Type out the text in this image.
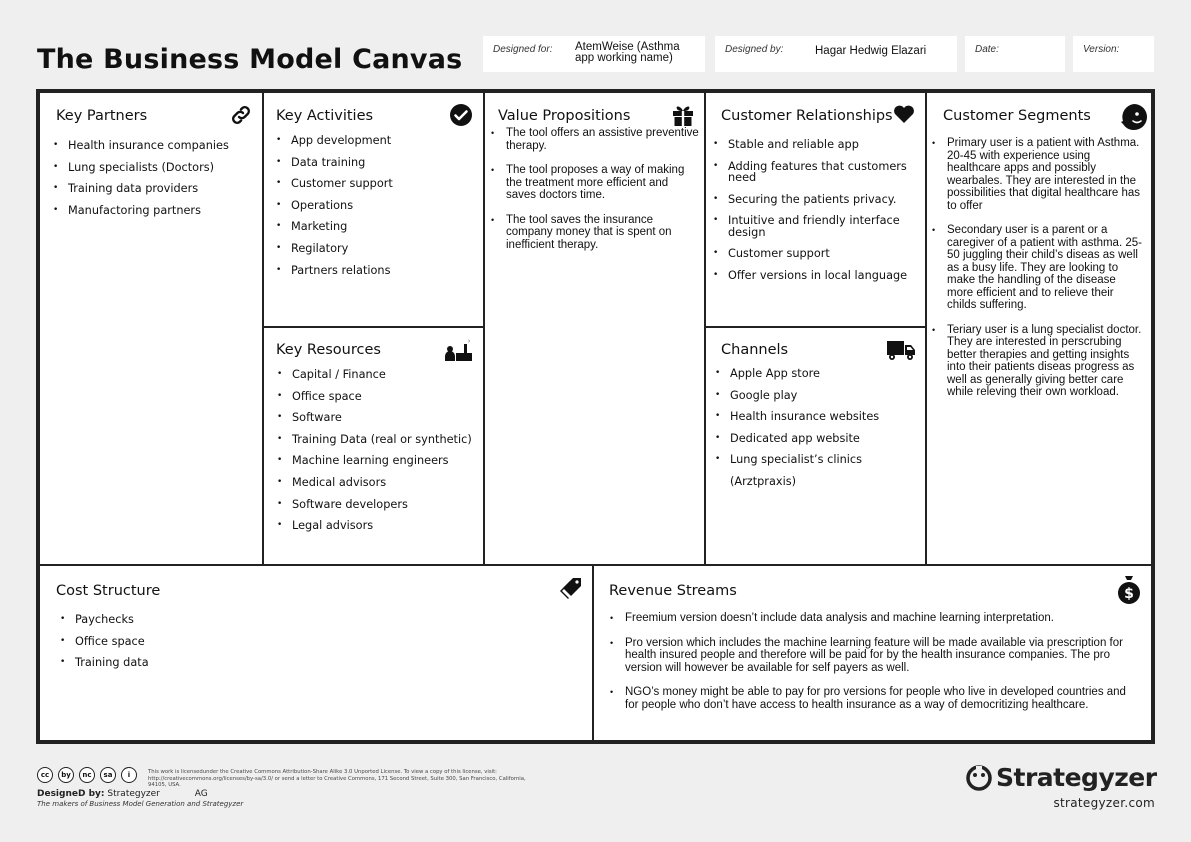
The Business Model Canvas	Designed for: AtemWeise (Asthma app working name)
Designed by:	Hagar Hedwig Elazari	Date:	Version:
Key Partners
• Health insurance companies
• Lung specialists (Doctors)
• Training data providers
• Manufactoring partners
Key Activities
• App development
• Data training
• Customer support
• Operations
• Marketing
• Regilatory
• Partners relations
Key Resources
• Capital / Finance
• Office space
• Software
• Training Data (real or synthetic)
• Machine learning engineers
• Medical advisors
• Software developers
• Legal advisors
Value Propositions
• The tool offers an assistive preventive therapy.
• The tool proposes a way of making the treatment more efficient and saves doctors time.
• The tool saves the insurance company money that is spent on inefficient therapy.
Customer Relationships
• Stable and reliable app
• Adding features that customers need
• Securing the patients privacy.
• Intuitive and friendly interface design
• Customer support
• Offer versions in local language
Channels
• Apple App store
• Google play
• Health insurance websites
• Dedicated app website
• Lung specialist’s clinics (Arztpraxis)
Customer Segments
• Primary user is a patient with Asthma. 20-45 with experience using healthcare apps and possibly wearbales. They are interested in the possibilities that digital healthcare has to offer
• Secondary user is a parent or a caregiver of a patient with asthma. 25-50 juggling their child’s diseas as well as a busy life. They are looking to make the handling of the disease more efficient and to relieve their childs suffering.
• Teriary user is a lung specialist doctor. They are interested in perscrubing better therapies and getting insights into their patients diseas progress as well as generally giving better care while releving their own workload.
Cost Structure
• Paychecks
• Office space
• Training data
Revenue Streams	$
• Freemium version doesn’t include data analysis and machine learning interpretation.
• Pro version which includes the machine learning feature will be made available via prescription for health insured people and therefore will be paid for by the health insurance companies. The pro version will however be available for self payers as well.
• NGO’s money might be able to pay for pro versions for people who live in developed countries and for people who don’t have access to health insurance as a way of democritizing healthcare.
cc	by	nc	sa	i	This work is licensedunder the Creative Commons Attribution-Share Alike 3.0 Unported License. To view a copy of this license, visit: http://creativecommons.org/licenses/by-sa/3.0/ or send a letter to Creative Commons, 171 Second Street, Suite 300, San Francisco, California, 94105, USA.
DesigneD by: Strategyzer	AG
The makers of Business Model Generation and Strategyzer
Strategyzer
strategyzer.com
